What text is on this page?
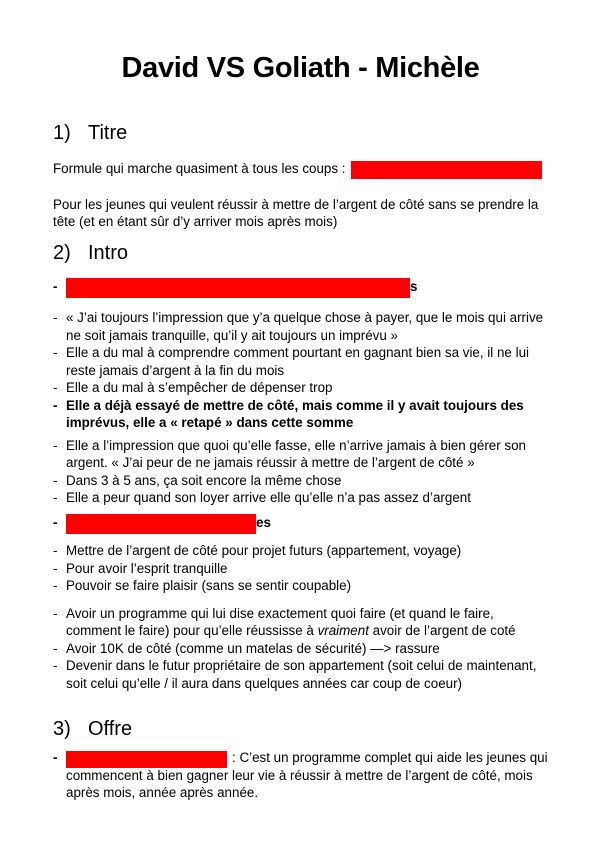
David VS Goliath - Michèle
1) Titre

Formule qui marche quasiment à tous les coups :

Pour les jeunes qui veulent réussir à mettre de l’argent de côté sans se prendre la tête (et en étant sûr d’y arriver mois après mois)

2) Intro
-	s
- « J’ai toujours l’impression que y’a quelque chose à payer, que le mois qui arrive ne soit jamais tranquille, qu’il y ait toujours un imprévu »
- Elle a du mal à comprendre comment pourtant en gagnant bien sa vie, il ne lui reste jamais d’argent à la fin du mois
- Elle a du mal à s’empêcher de dépenser trop
- Elle a déjà essayé de mettre de côté, mais comme il y avait toujours des imprévus, elle a « retapé » dans cette somme
- Elle a l’impression que quoi qu’elle fasse, elle n’arrive jamais à bien gérer son argent. « J’ai peur de ne jamais réussir à mettre de l’argent de côté »
- Dans 3 à 5 ans, ça soit encore la même chose
- Elle a peur quand son loyer arrive elle qu’elle n’a pas assez d’argent
-	es
- Mettre de l’argent de côté pour projet futurs (appartement, voyage)
- Pour avoir l’esprit tranquille
- Pouvoir se faire plaisir (sans se sentir coupable)
- Avoir un programme qui lui dise exactement quoi faire (et quand le faire, comment le faire) pour qu’elle réussisse à vraiment avoir de l’argent de coté
- Avoir 10K de côté (comme un matelas de sécurité) —> rassure
- Devenir dans le futur propriétaire de son appartement (soit celui de maintenant, soit celui qu’elle / il aura dans quelques années car coup de coeur)
3) Offre
-	: C’est un programme complet qui aide les jeunes qui commencent à bien gagner leur vie à réussir à mettre de l’argent de côté, mois après mois, année après année.
